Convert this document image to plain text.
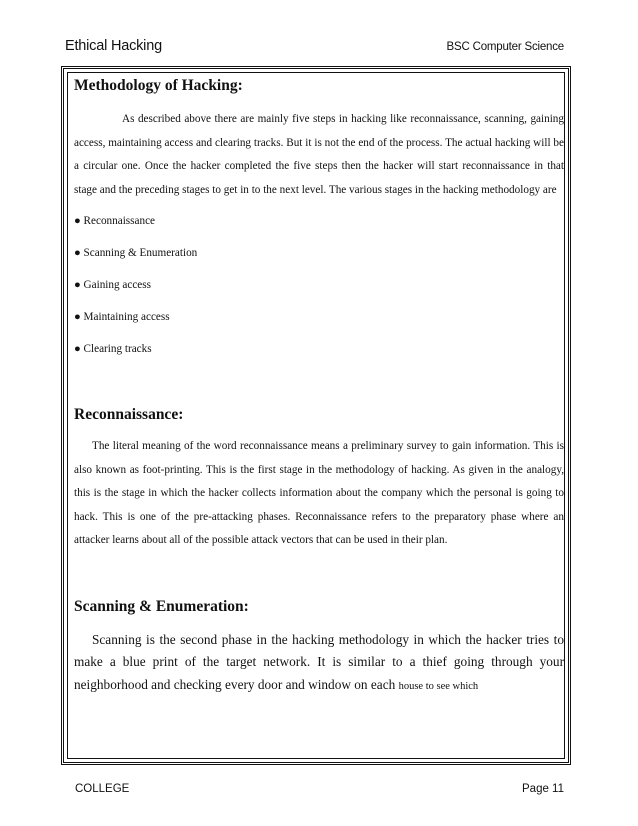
Ethical Hacking	BSC Computer Science
Methodology of Hacking:

As described above there are mainly five steps in hacking like reconnaissance, scanning, gaining access, maintaining access and clearing tracks. But it is not the end of the process. The actual hacking will be a circular one. Once the hacker completed the five steps then the hacker will start reconnaissance in that stage and the preceding stages to get in to the next level. The various stages in the hacking methodology are

● Reconnaissance
● Scanning & Enumeration
● Gaining access
● Maintaining access
● Clearing tracks
Reconnaissance:

The literal meaning of the word reconnaissance means a preliminary survey to gain information. This is also known as foot-printing. This is the first stage in the methodology of hacking. As given in the analogy, this is the stage in which the hacker collects information about the company which the personal is going to hack. This is one of the pre-attacking phases. Reconnaissance refers to the preparatory phase where an attacker learns about all of the possible attack vectors that can be used in their plan.

Scanning & Enumeration:

Scanning is the second phase in the hacking methodology in which the hacker tries to make a blue print of the target network. It is similar to a thief going through your neighborhood and checking every door and window on each house to see which

COLLEGE	Page 11
